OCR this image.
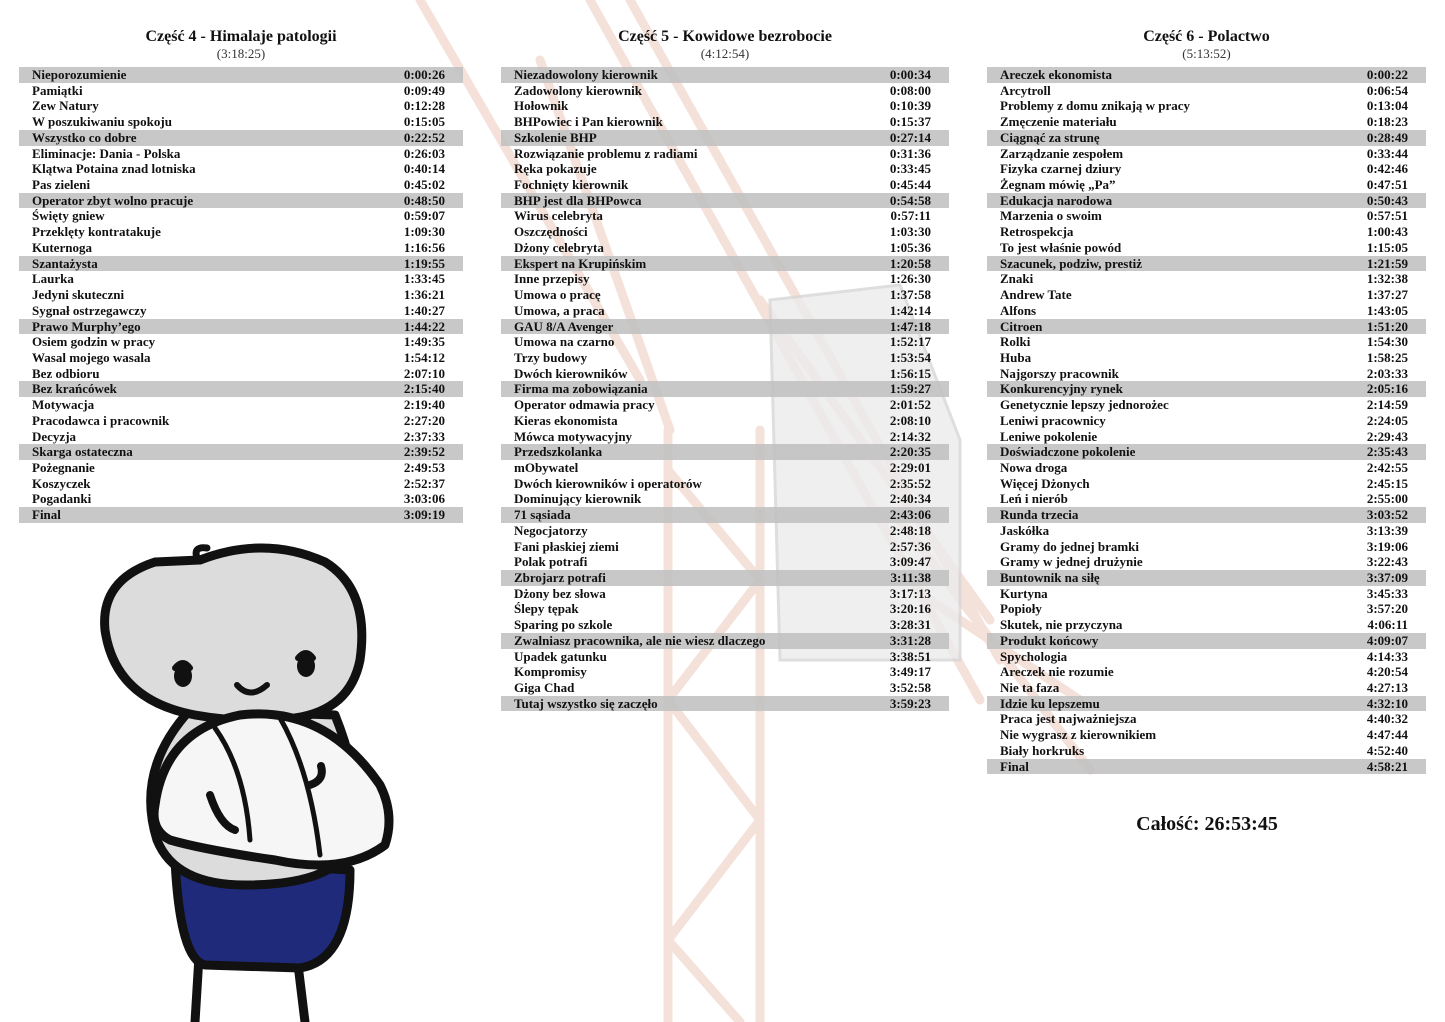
Część 4 - Himalaje patologii
(3:18:25)
Nieporozumienie	0:00:26
Pamiątki	0:09:49
Zew Natury	0:12:28
W poszukiwaniu spokoju	0:15:05
Wszystko co dobre	0:22:52
Eliminacje: Dania - Polska	0:26:03
Klątwa Potaina znad lotniska	0:40:14
Pas zieleni	0:45:02
Operator zbyt wolno pracuje	0:48:50
Święty gniew	0:59:07
Przeklęty kontratakuje	1:09:30
Kuternoga	1:16:56
Szantażysta	1:19:55
Laurka	1:33:45
Jedyni skuteczni	1:36:21
Sygnał ostrzegawczy	1:40:27
Prawo Murphy’ego	1:44:22
Osiem godzin w pracy	1:49:35
Wasal mojego wasala	1:54:12
Bez odbioru	2:07:10
Bez krańcówek	2:15:40
Motywacja	2:19:40
Pracodawca i pracownik	2:27:20
Decyzja	2:37:33
Skarga ostateczna	2:39:52
Pożegnanie	2:49:53
Koszyczek	2:52:37
Pogadanki	3:03:06
Final	3:09:19
Część 5 - Kowidowe bezrobocie
(4:12:54)
Niezadowolony kierownik	0:00:34
Zadowolony kierownik	0:08:00
Hołownik	0:10:39
BHPowiec i Pan kierownik	0:15:37
Szkolenie BHP	0:27:14
Rozwiązanie problemu z radiami	0:31:36
Ręka pokazuje	0:33:45
Fochnięty kierownik	0:45:44
BHP jest dla BHPowca	0:54:58
Wirus celebryta	0:57:11
Oszczędności	1:03:30
Dżony celebryta	1:05:36
Ekspert na Krupińskim	1:20:58
Inne przepisy	1:26:30
Umowa o pracę	1:37:58
Umowa, a praca	1:42:14
GAU 8/A Avenger	1:47:18
Umowa na czarno	1:52:17
Trzy budowy	1:53:54
Dwóch kierowników	1:56:15
Firma ma zobowiązania	1:59:27
Operator odmawia pracy	2:01:52
Kieras ekonomista	2:08:10
Mówca motywacyjny	2:14:32
Przedszkolanka	2:20:35
mObywatel	2:29:01
Dwóch kierowników i operatorów	2:35:52
Dominujący kierownik	2:40:34
71 sąsiada	2:43:06
Negocjatorzy	2:48:18
Fani płaskiej ziemi	2:57:36
Polak potrafi	3:09:47
Zbrojarz potrafi	3:11:38
Dżony bez słowa	3:17:13
Ślepy tępak	3:20:16
Sparing po szkole	3:28:31
Zwalniasz pracownika, ale nie wiesz dlaczego	3:31:28
Upadek gatunku	3:38:51
Kompromisy	3:49:17
Giga Chad	3:52:58
Tutaj wszystko się zaczęło	3:59:23
Część 6 - Polactwo
(5:13:52)
Areczek ekonomista	0:00:22
Arcytroll	0:06:54
Problemy z domu znikają w pracy	0:13:04
Zmęczenie materiału	0:18:23
Ciągnąć za strunę	0:28:49
Zarządzanie zespołem	0:33:44
Fizyka czarnej dziury	0:42:46
Żegnam mówię „Pa”	0:47:51
Edukacja narodowa	0:50:43
Marzenia o swoim	0:57:51
Retrospekcja	1:00:43
To jest właśnie powód	1:15:05
Szacunek, podziw, prestiż	1:21:59
Znaki	1:32:38
Andrew Tate	1:37:27
Alfons	1:43:05
Citroen	1:51:20
Rolki	1:54:30
Huba	1:58:25
Najgorszy pracownik	2:03:33
Konkurencyjny rynek	2:05:16
Genetycznie lepszy jednorożec	2:14:59
Leniwi pracownicy	2:24:05
Leniwe pokolenie	2:29:43
Doświadczone pokolenie	2:35:43
Nowa droga	2:42:55
Więcej Dżonych	2:45:15
Leń i nierób	2:55:00
Runda trzecia	3:03:52
Jaskółka	3:13:39
Gramy do jednej bramki	3:19:06
Gramy w jednej drużynie	3:22:43
Buntownik na siłę	3:37:09
Kurtyna	3:45:33
Popioły	3:57:20
Skutek, nie przyczyna	4:06:11
Produkt końcowy	4:09:07
Spychologia	4:14:33
Areczek nie rozumie	4:20:54
Nie ta faza	4:27:13
Idzie ku lepszemu	4:32:10
Praca jest najważniejsza	4:40:32
Nie wygrasz z kierownikiem	4:47:44
Biały horkruks	4:52:40
Final	4:58:21
Całość: 26:53:45
